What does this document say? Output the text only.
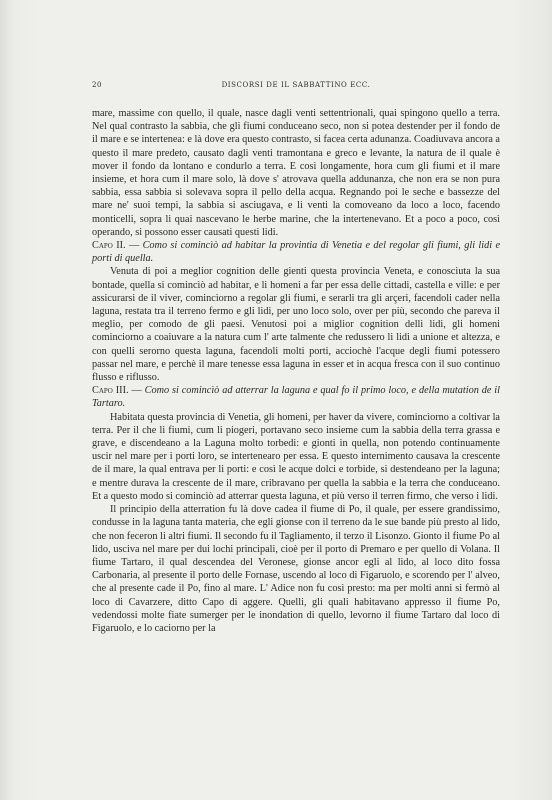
20	DISCORSI DE IL SABBATTINO ECC.

mare, massime con quello, il quale, nasce dagli venti settentrionali, quai spingono quello a terra. Nel qual contrasto la sabbia, che gli fiumi conduceano seco, non si potea destender per il fondo de il mare e se intertenea: e là dove era questo contrasto, si facea certa adunanza. Coadiuvava ancora a questo il mare predeto, causato dagli venti tramontana e greco e levante, la natura de il quale è mover il fondo da lontano e condurlo a terra. E così longamente, hora cum gli fiumi et il mare insieme, et hora cum il mare solo, là dove s' atrovava quella addunanza, che non era se non pura sabbia, essa sabbia si solevava sopra il pello della acqua. Regnando poi le seche e bassezze del mare ne' suoi tempi, la sabbia si asciugava, e li venti la comoveano da loco a loco, facendo monticelli, sopra li quai nascevano le herbe marine, che la intertenevano. Et a poco a poco, così operando, si possono esser causati questi lidi.

Capo II. — Como si comincìò ad habitar la provintia di Venetia e del regolar gli fiumi, gli lidi e porti di quella.

Venuta di poi a meglior cognition delle gienti questa provincia Veneta, e conosciuta la sua bontade, quella si comincìò ad habitar, e li homeni a far per essa delle cittadi, castella e ville: e per assicurarsi de il viver, comincìorno a regolar gli fiumi, e serarli tra gli arçeri, facendoli cader nella laguna, restata tra il terreno fermo e gli lidi, per uno loco solo, over per più, secondo che pareva il meglio, per comodo de gli paesi. Venutosi poi a miglior cognition delli lidi, gli homeni cominciorno a coaiuvare a la natura cum l' arte talmente che redussero li lidi a unione et altezza, e con quelli serorno questa laguna, facendoli molti porti, acciochè l'acque degli fiumi potessero passar nel mare, e perchè il mare tenesse essa laguna in esser et in acqua fresca con il suo continuo flusso e riflusso.

Capo III. — Como si comincìò ad atterrar la laguna e qual fo il primo loco, e della mutation de il Tartaro.

Habitata questa provincia di Venetia, gli homeni, per haver da vivere, comincìorno a coltivar la terra. Per il che li fiumi, cum li piogeri, portavano seco insieme cum la sabbia della terra grassa e grave, e discendeano a la Laguna molto torbedi: e gionti in quella, non potendo continuamente uscir nel mare per i porti loro, se intertenearo per essa. E questo internimento causava la crescente de il mare, la qual entrava per li porti: e così le acque dolci e torbide, si destendeano per la laguna; e mentre durava la crescente de il mare, cribravano per quella la sabbia e la terra che conduceano. Et a questo modo si comincìò ad atterrar questa laguna, et più verso il terren firmo, che verso i lidi.

Il principio della atterration fu là dove cadea il fiume di Po, il quale, per essere grandissimo, condusse in la laguna tanta materia, che egli gionse con il terreno da le sue bande più presto al lido, che non feceron li altri fiumi. Il secondo fu il Tagliamento, il terzo il Lisonzo. Gionto il fiume Po al lido, usciva nel mare per dui lochi principali, cioè per il porto di Premaro e per quello di Volana. Il fiume Tartaro, il qual descendea del Veronese, gionse ancor egli al lido, al loco dito fossa Carbonaria, al presente il porto delle Fornase, uscendo al loco di Figaruolo, e scorendo per l' alveo, che al presente cade il Po, fino al mare. L' Adice non fu così presto: ma per molti anni si fermò al loco di Cavarzere, ditto Capo di aggere. Quelli, gli quali habitavano appresso il fiume Po, vedendossi molte fiate sumerger per le inondation di quello, levorno il fiume Tartaro dal loco di Figaruolo, e lo caciorno per la
